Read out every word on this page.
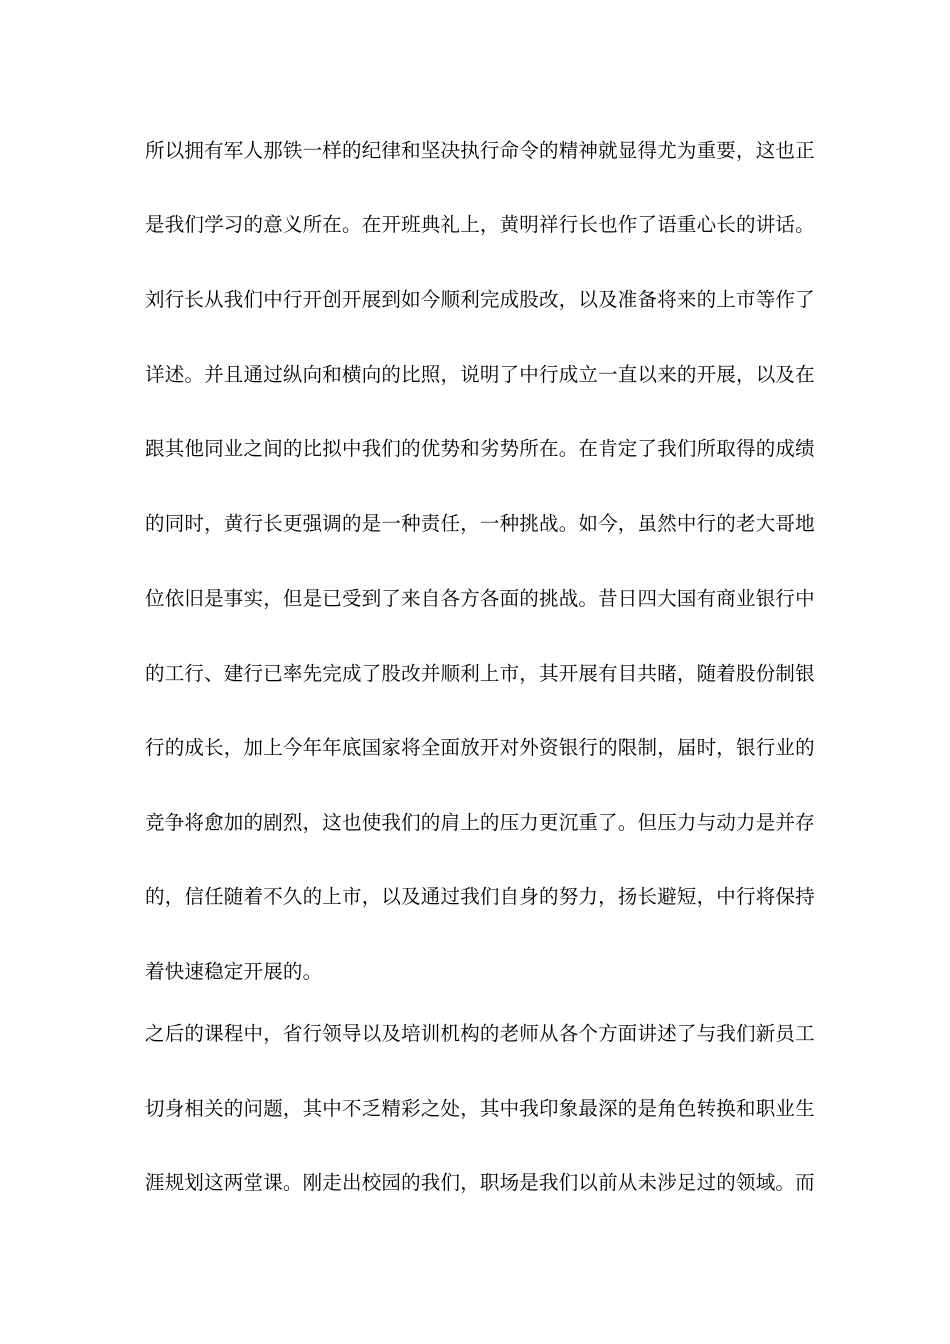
所以拥有军人那铁一样的纪律和坚决执行命令的精神就显得尤为重要，这也正
是我们学习的意义所在。在开班典礼上，黄明祥行长也作了语重心长的讲话。
刘行长从我们中行开创开展到如今顺利完成股改，以及准备将来的上市等作了
详述。并且通过纵向和横向的比照，说明了中行成立一直以来的开展，以及在
跟其他同业之间的比拟中我们的优势和劣势所在。在肯定了我们所取得的成绩
的同时，黄行长更强调的是一种责任，一种挑战。如今，虽然中行的老大哥地
位依旧是事实，但是已受到了来自各方各面的挑战。昔日四大国有商业银行中
的工行、建行已率先完成了股改并顺利上市，其开展有目共睹，随着股份制银
行的成长，加上今年年底国家将全面放开对外资银行的限制，届时，银行业的
竞争将愈加的剧烈，这也使我们的肩上的压力更沉重了。但压力与动力是并存
的，信任随着不久的上市，以及通过我们自身的努力，扬长避短，中行将保持
着快速稳定开展的。
之后的课程中，省行领导以及培训机构的老师从各个方面讲述了与我们新员工
切身相关的问题，其中不乏精彩之处，其中我印象最深的是角色转换和职业生
涯规划这两堂课。刚走出校园的我们，职场是我们以前从未涉足过的领域。而
